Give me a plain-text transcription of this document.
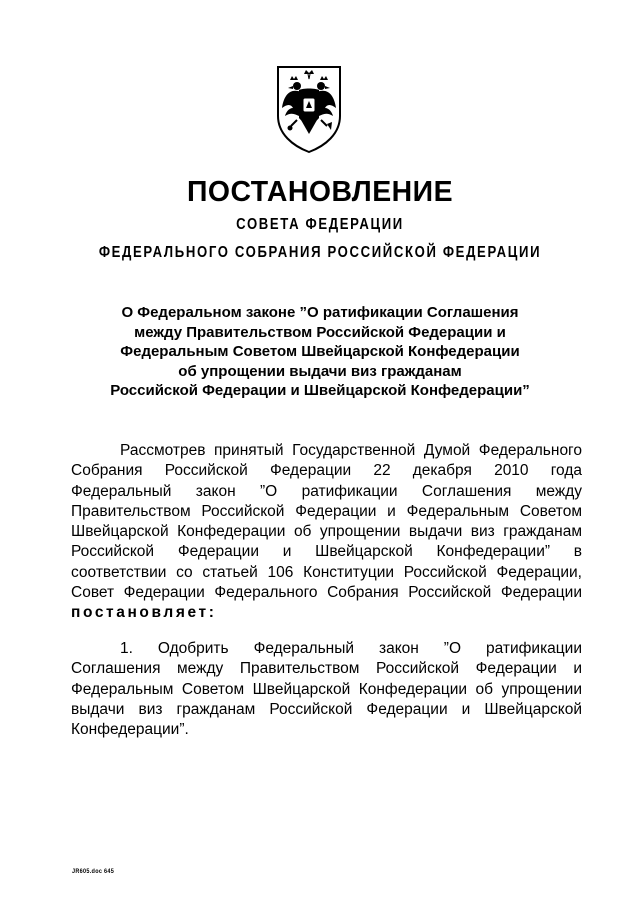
ПОСТАНОВЛЕНИЕ
СОВЕТА ФЕДЕРАЦИИ
ФЕДЕРАЛЬНОГО СОБРАНИЯ РОССИЙСКОЙ ФЕДЕРАЦИИ
О Федеральном законе ”О ратификации Соглашения
между Правительством Российской Федерации и
Федеральным Советом Швейцарской Конфедерации
об упрощении выдачи виз гражданам
Российской Федерации и Швейцарской Конфедерации”
Рассмотрев принятый Государственной Думой Федерального
Собрания Российской Федерации 22 декабря 2010 года
Федеральный закон ”О ратификации Соглашения между
Правительством Российской Федерации и Федеральным Советом
Швейцарской Конфедерации об упрощении выдачи виз гражданам
Российской Федерации и Швейцарской Конфедерации” в
соответствии со статьей 106 Конституции Российской Федерации,
Совет Федерации Федерального Собрания Российской Федерации
постановляет:
1. Одобрить Федеральный закон ”О ратификации
Соглашения между Правительством Российской Федерации и
Федеральным Советом Швейцарской Конфедерации об упрощении
выдачи виз гражданам Российской Федерации и Швейцарской
Конфедерации”.
JR605.doc 645
